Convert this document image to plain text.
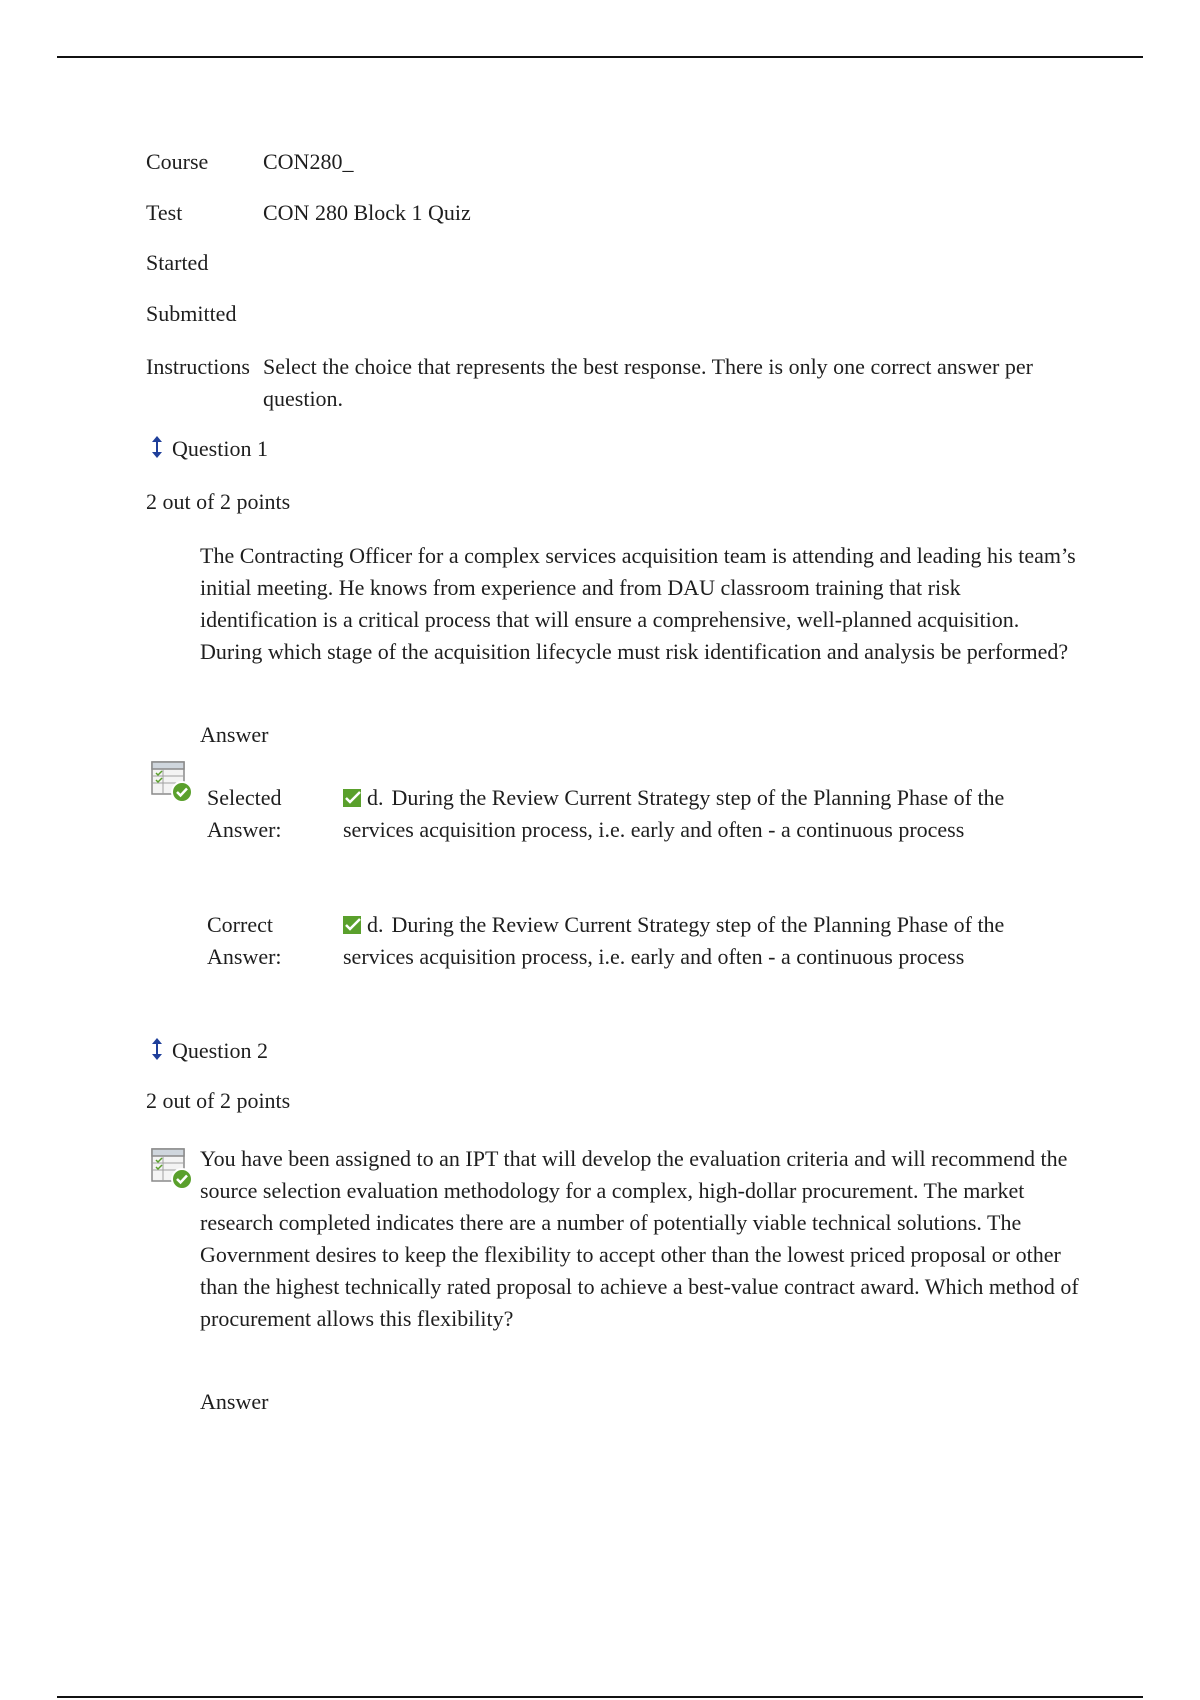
Course CON280_
Test	CON 280 Block 1 Quiz
Started
Submitted
Instructions Select the choice that represents the best response. There is only one correct answer per question.
Question 1
2 out of 2 points
The Contracting Officer for a complex services acquisition team is attending and leading his team’s initial meeting. He knows from experience and from DAU classroom training that risk identification is a critical process that will ensure a comprehensive, well-planned acquisition. During which stage of the acquisition lifecycle must risk identification and analysis be performed?
Answer
Selected Answer:
d. During the Review Current Strategy step of the Planning Phase of the services acquisition process, i.e. early and often - a continuous process
Correct Answer:
d. During the Review Current Strategy step of the Planning Phase of the services acquisition process, i.e. early and often - a continuous process
Question 2
2 out of 2 points
You have been assigned to an IPT that will develop the evaluation criteria and will recommend the source selection evaluation methodology for a complex, high-dollar procurement. The market research completed indicates there are a number of potentially viable technical solutions. The Government desires to keep the flexibility to accept other than the lowest priced proposal or other than the highest technically rated proposal to achieve a best-value contract award. Which method of procurement allows this flexibility?
Answer
